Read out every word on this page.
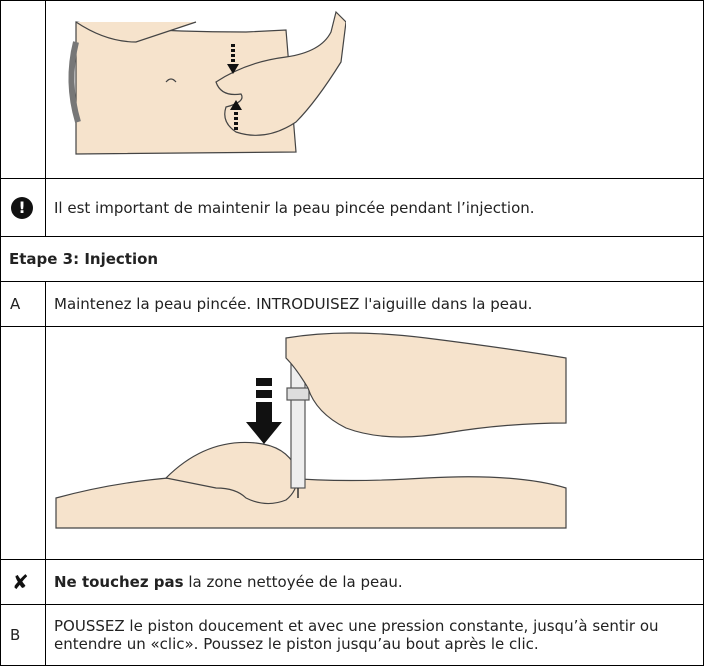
!	Il est important de maintenir la peau pincée pendant l’injection.
Etape 3: Injection	
A	Maintenez la peau pincée. INTRODUISEZ l'aiguille dans la peau.

✘	Ne touchez pas la zone nettoyée de la peau.
B	POUSSEZ le piston doucement et avec une pression constante, jusqu’à sentir ou
entendre un «clic». Poussez le piston jusqu’au bout après le clic.
